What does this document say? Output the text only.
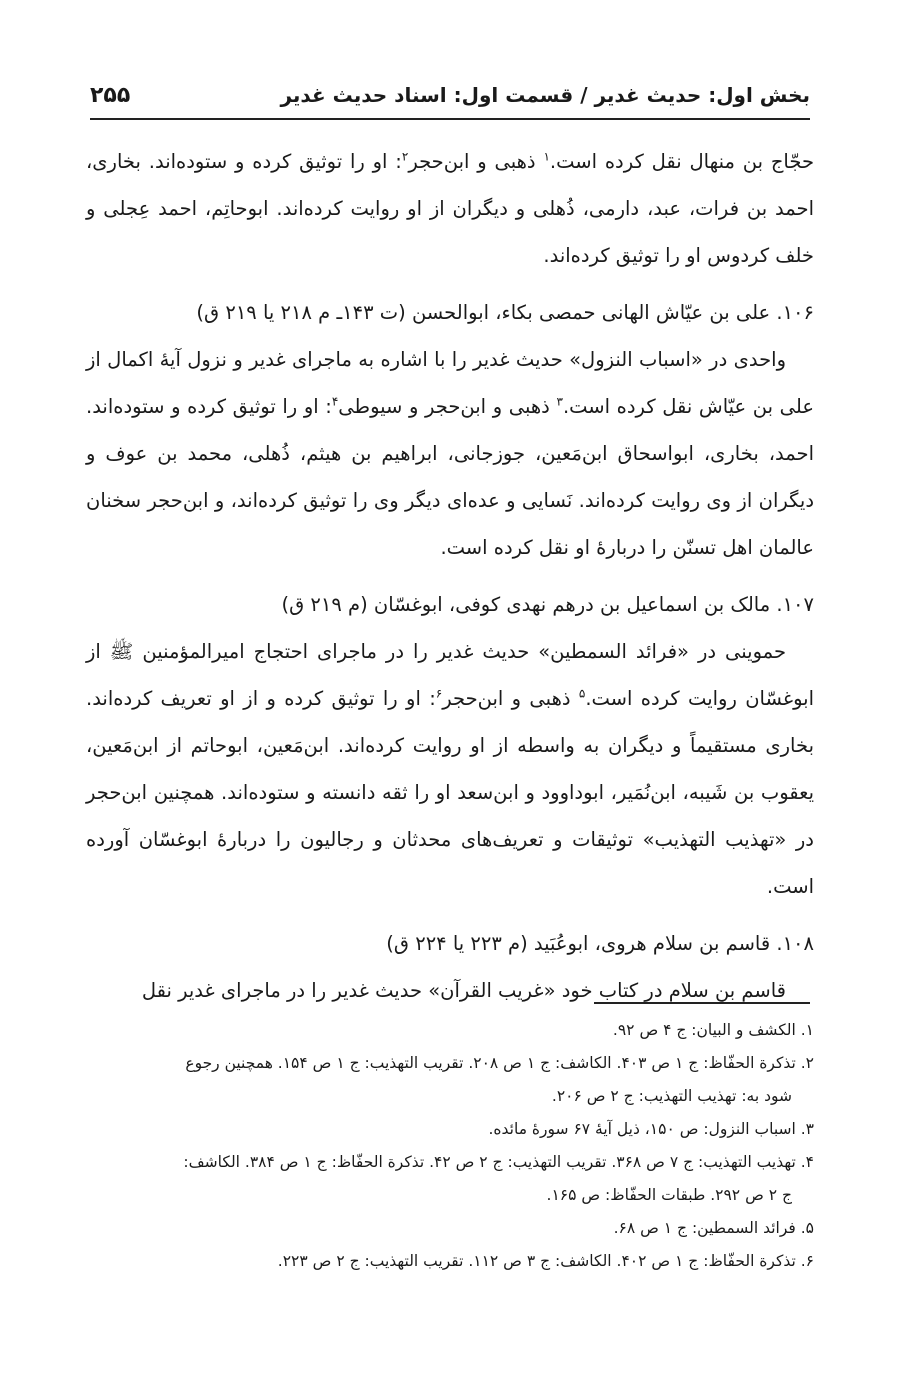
بخش اول: حدیث غدیر / قسمت اول: اسناد حدیث غدیر
۲۵۵

حجّاج بن منهال نقل کرده است.$^۱$ ذهبی و ابن‌حجر$^۲$: او را توثیق کرده و ستوده‌اند. بخاری، احمد بن فرات، عبد، دارمی، ذُهلی و دیگران از او روایت کرده‌اند. ابوحاتِم، احمد عِجلی و خلف کردوس او را توثیق کرده‌اند.

۱۰۶. علی بن عیّاش الهانی حمصی بکاء، ابوالحسن (ت ۱۴۳ـ م ۲۱۸ یا ۲۱۹ ق)

واحدی در «اسباب النزول» حدیث غدیر را با اشاره به ماجرای غدیر و نزول آیهٔ اکمال از علی بن عیّاش نقل کرده است.$^۳$ ذهبی و ابن‌حجر و سیوطی$^۴$: او را توثیق کرده و ستوده‌اند. احمد، بخاری، ابواسحاق ابن‌مَعین، جوزجانی، ابراهیم بن هیثم، ذُهلی، محمد بن عوف و دیگران از وی روایت کرده‌اند. نَسایی و عده‌ای دیگر وی را توثیق کرده‌اند، و ابن‌حجر سخنان عالمان اهل تسنّن را دربارهٔ او نقل کرده است.

۱۰۷. مالک بن اسماعیل بن درهم نهدی کوفی، ابوغسّان (م ۲۱۹ ق)

حموینی در «فرائد السمطین» حدیث غدیر را در ماجرای احتجاج امیرالمؤمنین ﷺ از ابوغسّان روایت کرده است.$^۵$ ذهبی و ابن‌حجر$^۶$: او را توثیق کرده و از او تعریف کرده‌اند. بخاری مستقیماً و دیگران به واسطه از او روایت کرده‌اند. ابن‌مَعین، ابوحاتم از ابن‌مَعین، یعقوب بن شَیبه، ابن‌نُمَیر، ابوداوود و ابن‌سعد او را ثقه دانسته و ستوده‌اند. همچنین ابن‌حجر در «تهذیب التهذیب» توثیقات و تعریف‌های محدثان و رجالیون را دربارهٔ ابوغسّان آورده است.

۱۰۸. قاسم بن سلام هروی، ابوعُبَید (م ۲۲۳ یا ۲۲۴ ق)

قاسم بن سلام در کتاب خود «غریب القرآن» حدیث غدیر را در ماجرای غدیر نقل

۱. الکشف و البیان: ج ۴ ص ۹۲.

۲. تذکرة الحفّاظ: ج ۱ ص ۴۰۳. الکاشف: ج ۱ ص ۲۰۸. تقریب التهذیب: ج ۱ ص ۱۵۴. همچنین رجوع

شود به: تهذیب التهذیب: ج ۲ ص ۲۰۶.

۳. اسباب النزول: ص ۱۵۰، ذیل آیهٔ ۶۷ سورهٔ مائده.

۴. تهذیب التهذیب: ج ۷ ص ۳۶۸. تقریب التهذیب: ج ۲ ص ۴۲. تذکرة الحفّاظ: ج ۱ ص ۳۸۴. الکاشف:

ج ۲ ص ۲۹۲. طبقات الحفّاظ: ص ۱۶۵.

۵. فرائد السمطین: ج ۱ ص ۶۸.

۶. تذکرة الحفّاظ: ج ۱ ص ۴۰۲. الکاشف: ج ۳ ص ۱۱۲. تقریب التهذیب: ج ۲ ص ۲۲۳.
